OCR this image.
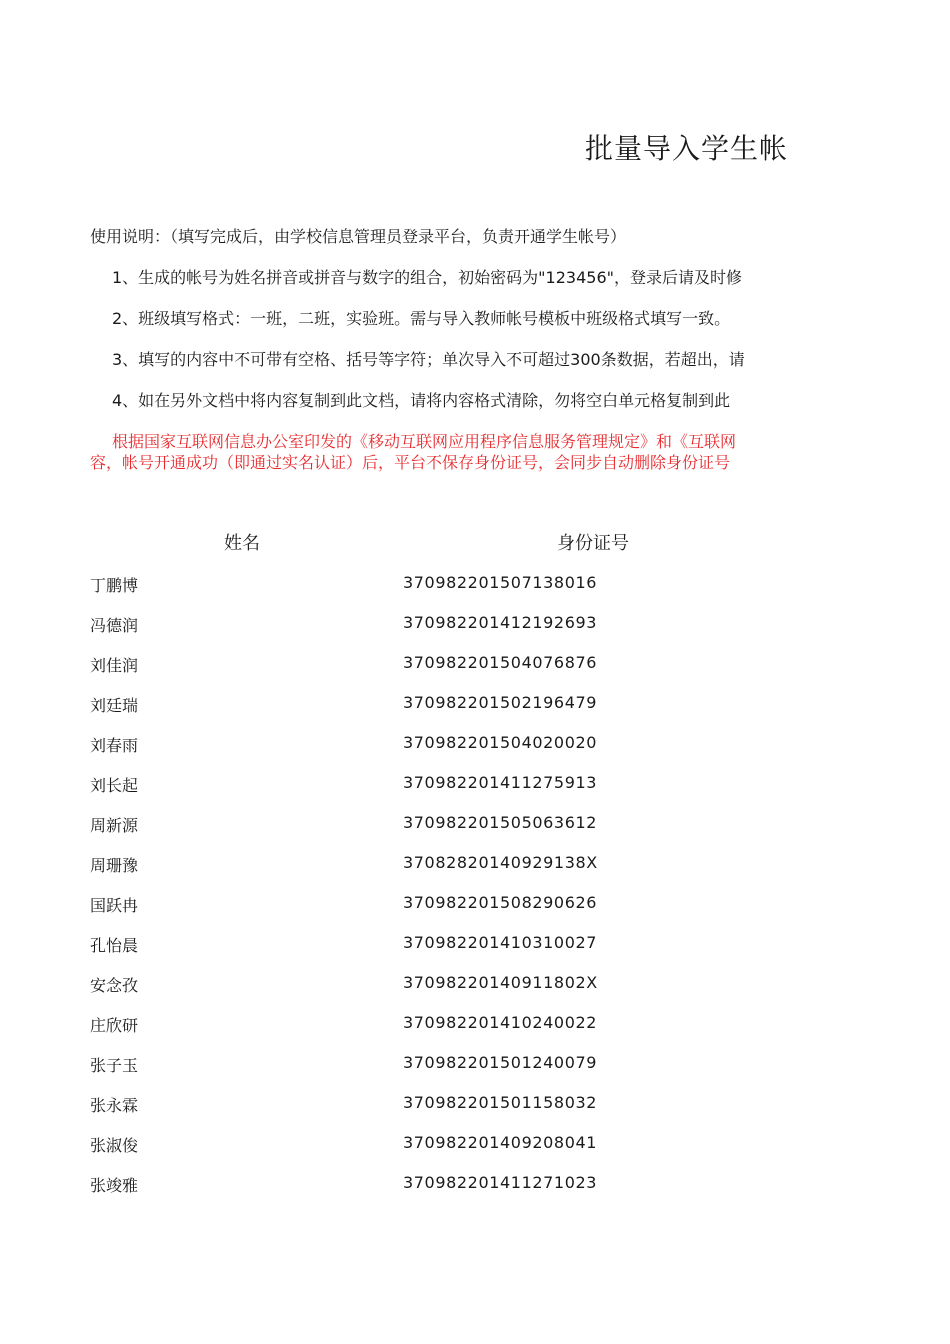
批量导入学生帐
使用说明：（填写完成后，由学校信息管理员登录平台，负责开通学生帐号）
1、生成的帐号为姓名拼音或拼音与数字的组合，初始密码为"123456"，登录后请及时修
2、班级填写格式：一班，二班，实验班。需与导入教师帐号模板中班级格式填写一致。
3、填写的内容中不可带有空格、括号等字符；单次导入不可超过300条数据，若超出，请
4、如在另外文档中将内容复制到此文档，请将内容格式清除，勿将空白单元格复制到此
根据国家互联网信息办公室印发的《移动互联网应用程序信息服务管理规定》和《互联网
容，帐号开通成功（即通过实名认证）后，平台不保存身份证号，会同步自动删除身份证号
姓名	身份证号
丁鹏博	370982201507138016
冯德润	370982201412192693
刘佳润	370982201504076876
刘廷瑞	370982201502196479
刘春雨	370982201504020020
刘长起	370982201411275913
周新源	370982201505063612
周珊豫	37082820140929138X
国跃冉	370982201508290626
孔怡晨	370982201410310027
安念孜	37098220140911802X
庄欣研	370982201410240022
张子玉	370982201501240079
张永霖	370982201501158032
张淑俊	370982201409208041
张竣雅	370982201411271023
